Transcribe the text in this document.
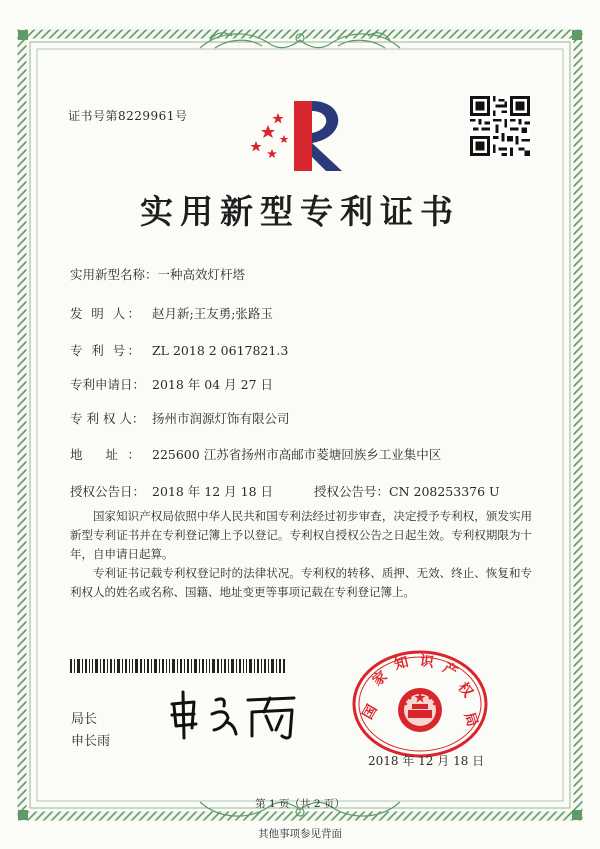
证书号第8229961号
实用新型专利证书
实用新型名称：一种高效灯杆塔
发 明 人： 赵月新;王友勇;张路玉
专 利 号： ZL 2018 2 0617821.3
专利申请日： 2018 年 04 月 27 日
专 利 权 人： 扬州市润源灯饰有限公司
地 址： 225600 江苏省扬州市高邮市菱塘回族乡工业集中区
授权公告日： 2018 年 12 月 18 日	授权公告号：CN 208253376 U
国家知识产权局依照中华人民共和国专利法经过初步审查，决定授予专利权，颁发实用新型专利证书并在专利登记簿上予以登记。专利权自授权公告之日起生效。专利权期限为十年，自申请日起算。
专利证书记载专利权登记时的法律状况。专利权的转移、质押、无效、终止、恢复和专利权人的姓名或名称、国籍、地址变更等事项记载在专利登记簿上。
局长
申长雨
国
家
知 识 产
权
局
2018 年 12 月 18 日
第 1 页（共 2 页）
其他事项参见背面
